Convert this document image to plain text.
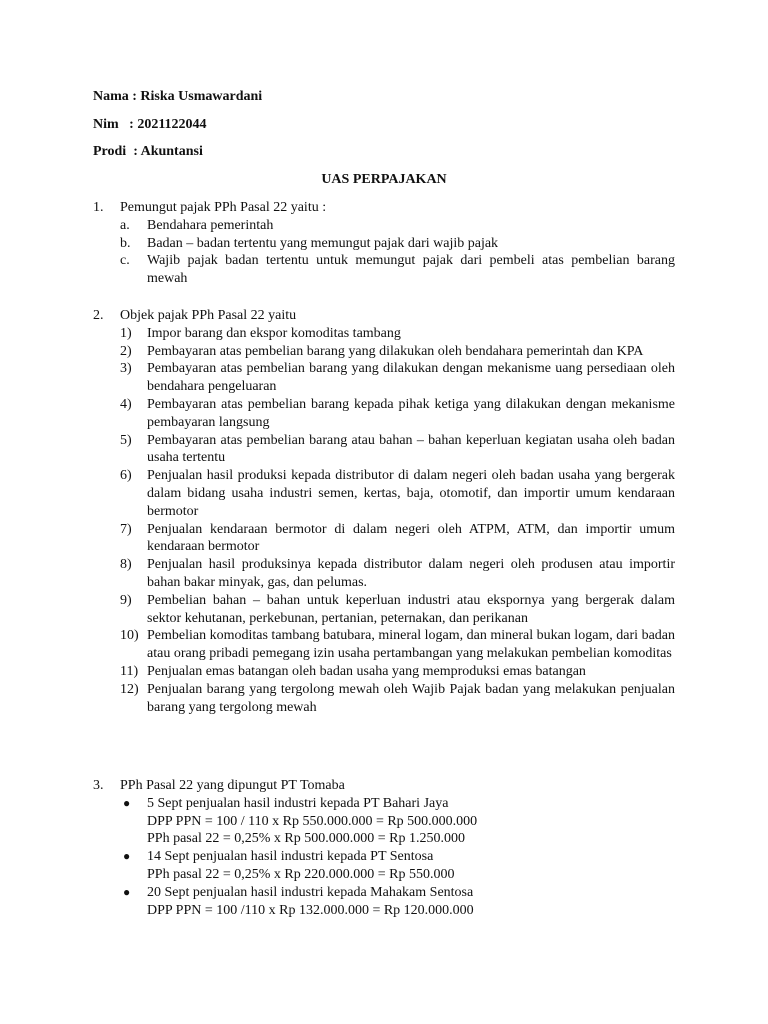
Nama : Riska Usmawardani
Nim   : 2021122044
Prodi  : Akuntansi
UAS PERPAJAKAN
1. Pemungut pajak PPh Pasal 22 yaitu :
a. Bendahara pemerintah
b. Badan – badan tertentu yang memungut pajak dari wajib pajak
c. Wajib pajak badan tertentu untuk memungut pajak dari pembeli atas pembelian barang mewah
2. Objek pajak PPh Pasal 22 yaitu
1) Impor barang dan ekspor komoditas tambang
2) Pembayaran atas pembelian barang yang dilakukan oleh bendahara pemerintah dan KPA
3) Pembayaran atas pembelian barang yang dilakukan dengan mekanisme uang persediaan oleh bendahara pengeluaran
4) Pembayaran atas pembelian barang kepada pihak ketiga yang dilakukan dengan mekanisme pembayaran langsung
5) Pembayaran atas pembelian barang atau bahan – bahan keperluan kegiatan usaha oleh badan usaha tertentu
6) Penjualan hasil produksi kepada distributor di dalam negeri oleh badan usaha yang bergerak dalam bidang usaha industri semen, kertas, baja, otomotif, dan importir umum kendaraan bermotor
7) Penjualan kendaraan bermotor di dalam negeri oleh ATPM, ATM, dan importir umum kendaraan bermotor
8) Penjualan hasil produksinya kepada distributor dalam negeri oleh produsen atau importir bahan bakar minyak, gas, dan pelumas.
9) Pembelian bahan – bahan untuk keperluan industri atau ekspornya yang bergerak dalam sektor kehutanan, perkebunan, pertanian, peternakan, dan perikanan
10) Pembelian komoditas tambang batubara, mineral logam, dan mineral bukan logam, dari badan atau orang pribadi pemegang izin usaha pertambangan yang melakukan pembelian komoditas
11) Penjualan emas batangan oleh badan usaha yang memproduksi emas batangan
12) Penjualan barang yang tergolong mewah oleh Wajib Pajak badan yang melakukan penjualan barang yang tergolong mewah
3. PPh Pasal 22 yang dipungut PT Tomaba
● 5 Sept penjualan hasil industri kepada PT Bahari Jaya
DPP PPN = 100 / 110 x Rp 550.000.000 = Rp 500.000.000
PPh pasal 22 = 0,25% x Rp 500.000.000 = Rp 1.250.000
● 14 Sept penjualan hasil industri kepada PT Sentosa
PPh pasal 22 = 0,25% x Rp 220.000.000 = Rp 550.000
● 20 Sept penjualan hasil industri kepada Mahakam Sentosa
DPP PPN = 100 /110 x Rp 132.000.000 = Rp 120.000.000
